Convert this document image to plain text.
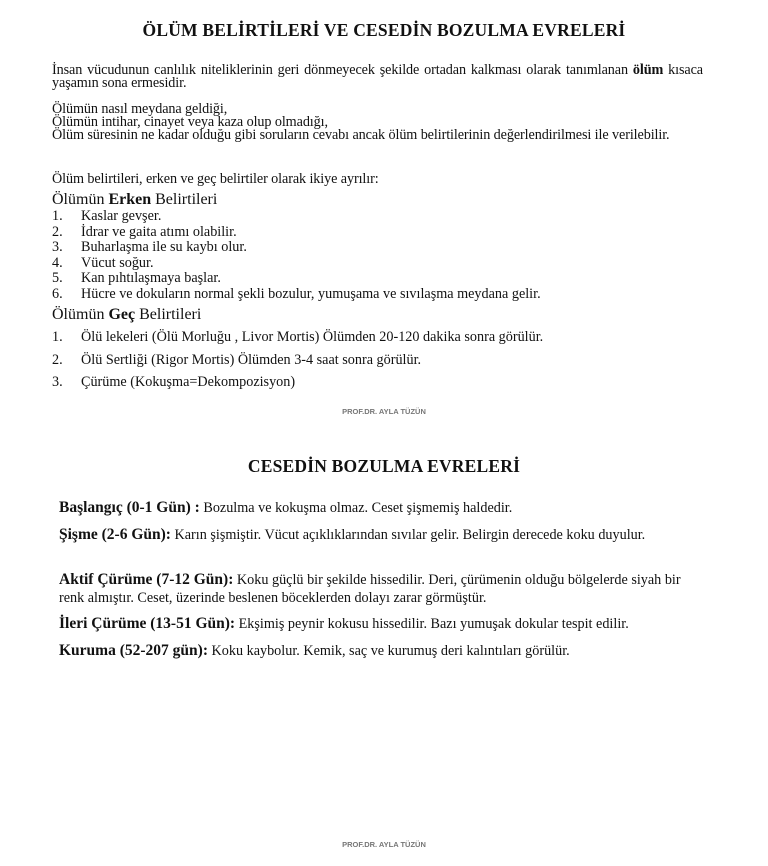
ÖLÜM BELİRTİLERİ VE CESEDİN BOZULMA EVRELERİ
İnsan vücudunun canlılık niteliklerinin geri dönmeyecek şekilde ortadan kalkması olarak tanımlanan ölüm kısaca yaşamın sona ermesidir.
Ölümün nasıl meydana geldiği,
Ölümün intihar, cinayet veya kaza olup olmadığı,
Ölüm süresinin ne kadar olduğu gibi soruların cevabı ancak ölüm belirtilerinin değerlendirilmesi ile verilebilir.
Ölüm belirtileri, erken ve geç belirtiler olarak ikiye ayrılır:
Ölümün Erken Belirtileri
1. Kaslar gevşer.
2. İdrar ve gaita atımı olabilir.
3. Buharlaşma ile su kaybı olur.
4. Vücut soğur.
5. Kan pıhtılaşmaya başlar.
6. Hücre ve dokuların normal şekli bozulur, yumuşama ve sıvılaşma meydana gelir.
Ölümün Geç Belirtileri
1. Ölü lekeleri (Ölü Morluğu , Livor Mortis) Ölümden 20-120 dakika sonra görülür.
2. Ölü Sertliği (Rigor Mortis) Ölümden 3-4 saat sonra görülür.
3. Çürüme (Kokuşma=Dekompozisyon)
PROF.DR. AYLA TÜZÜN
CESEDİN BOZULMA EVRELERİ
Başlangıç (0-1 Gün) : Bozulma ve kokuşma olmaz. Ceset şişmemiş haldedir.
Şişme (2-6 Gün): Karın şişmiştir. Vücut açıklıklarından sıvılar gelir. Belirgin derecede koku duyulur.
Aktif Çürüme (7-12 Gün): Koku güçlü bir şekilde hissedilir. Deri, çürümenin olduğu bölgelerde siyah bir renk almıştır. Ceset, üzerinde beslenen böceklerden dolayı zarar görmüştür.
İleri Çürüme (13-51 Gün): Ekşimiş peynir kokusu hissedilir. Bazı yumuşak dokular tespit edilir.
Kuruma (52-207 gün): Koku kaybolur. Kemik, saç ve kurumuş deri kalıntıları görülür.
PROF.DR. AYLA TÜZÜN
